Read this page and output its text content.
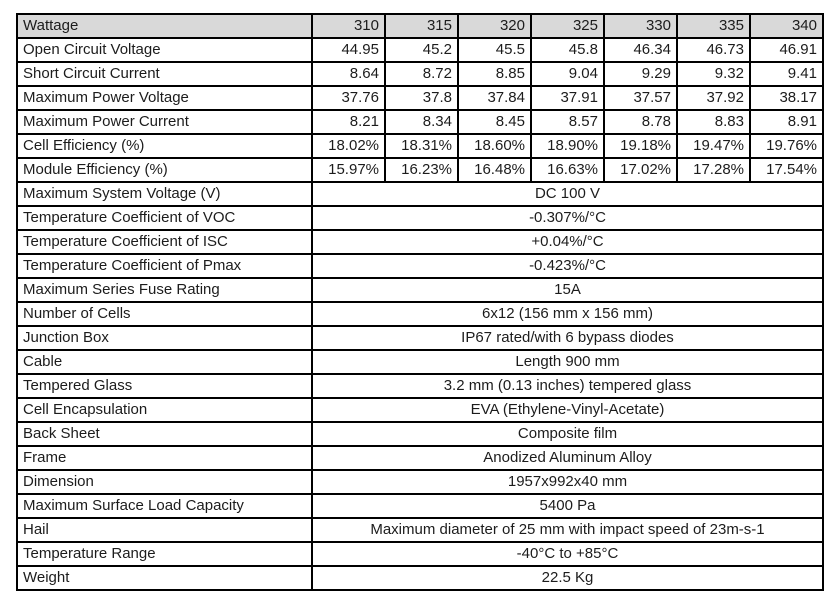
Wattage	310	315	320	325	330	335	340
Open Circuit Voltage	44.95	45.2	45.5	45.8	46.34	46.73	46.91
Short Circuit Current	8.64	8.72	8.85	9.04	9.29	9.32	9.41
Maximum Power Voltage	37.76	37.8	37.84	37.91	37.57	37.92	38.17
Maximum Power Current	8.21	8.34	8.45	8.57	8.78	8.83	8.91
Cell Efficiency (%)	18.02%	18.31%	18.60%	18.90%	19.18%	19.47%	19.76%
Module Efficiency (%)	15.97%	16.23%	16.48%	16.63%	17.02%	17.28%	17.54%
Maximum System Voltage (V)	DC 100 V						
Temperature Coefficient of VOC	-0.307%/°C						
Temperature Coefficient of ISC	+0.04%/°C						
Temperature Coefficient of Pmax	-0.423%/°C						
Maximum Series Fuse Rating	15A						
Number of Cells	6x12 (156 mm x 156 mm)						
Junction Box	IP67 rated/with 6 bypass diodes						
Cable	Length 900 mm						
Tempered Glass	3.2 mm (0.13 inches) tempered glass						
Cell Encapsulation	EVA (Ethylene-Vinyl-Acetate)						
Back Sheet	Composite film						
Frame	Anodized Aluminum Alloy						
Dimension	1957x992x40 mm						
Maximum Surface Load Capacity	5400 Pa						
Hail	Maximum diameter of 25 mm with impact speed of 23m-s-1						
Temperature Range	-40°C to +85°C						
Weight	22.5 Kg						
